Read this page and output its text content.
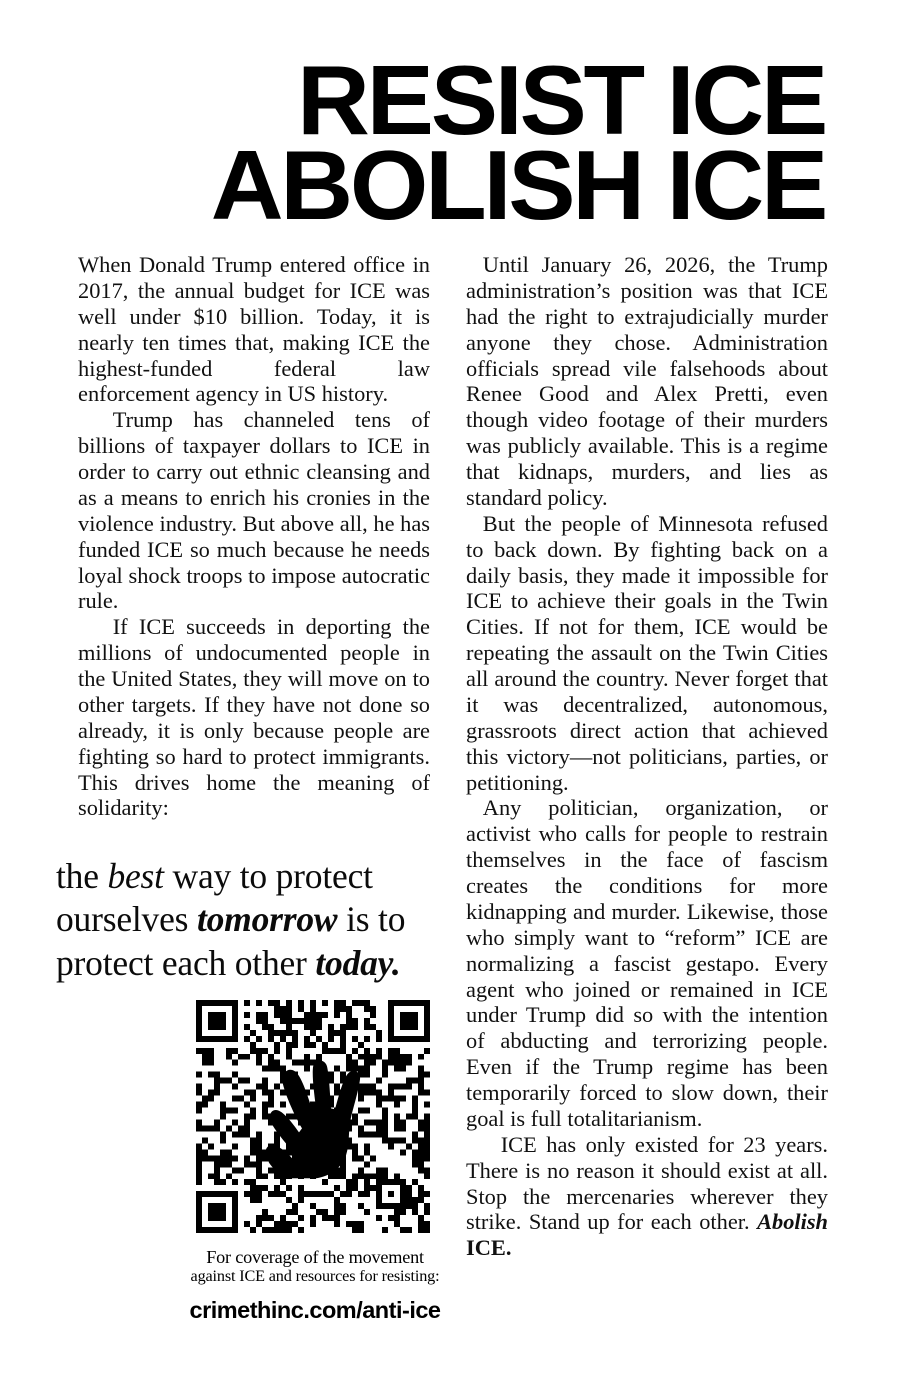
RESIST ICE
ABOLISH ICE

When Donald Trump entered office in 2017, the annual budget for ICE was well under $10 billion. Today, it is nearly ten times that, making ICE the highest-funded federal law enforcement agency in US history.

Trump has channeled tens of billions of taxpayer dollars to ICE in order to carry out ethnic cleansing and as a means to enrich his cronies in the violence industry. But above all, he has funded ICE so much because he needs loyal shock troops to impose autocratic rule.

If ICE succeeds in deporting the millions of undocumented people in the United States, they will move on to other targets. If they have not done so already, it is only because people are fighting so hard to protect immigrants. This drives home the meaning of solidarity:

Until January 26, 2026, the Trump administration’s position was that ICE had the right to extrajudicially murder anyone they chose. Administration officials spread vile falsehoods about Renee Good and Alex Pretti, even though video footage of their murders was publicly available. This is a regime that kidnaps, murders, and lies as standard policy.

But the people of Minnesota refused to back down. By fighting back on a daily basis, they made it impossible for ICE to achieve their goals in the Twin Cities. If not for them, ICE would be repeating the assault on the Twin Cities all around the country. Never forget that it was decentralized, autonomous, grassroots direct action that achieved this victory—not politicians, parties, or petitioning.

Any politician, organization, or activist who calls for people to restrain themselves in the face of fascism creates the conditions for more kidnapping and murder. Likewise, those who simply want to “reform” ICE are normalizing a fascist gestapo. Every agent who joined or remained in ICE under Trump did so with the intention of abducting and terrorizing people. Even if the Trump regime has been temporarily forced to slow down, their goal is full totalitarianism.

ICE has only existed for 23 years. There is no reason it should exist at all. Stop the mercenaries wherever they strike. Stand up for each other. Abolish ICE.

the best way to protect ourselves tomorrow is to protect each other today.
For coverage of the movement
against ICE and resources for resisting:
crimethinc.com/anti-ice
